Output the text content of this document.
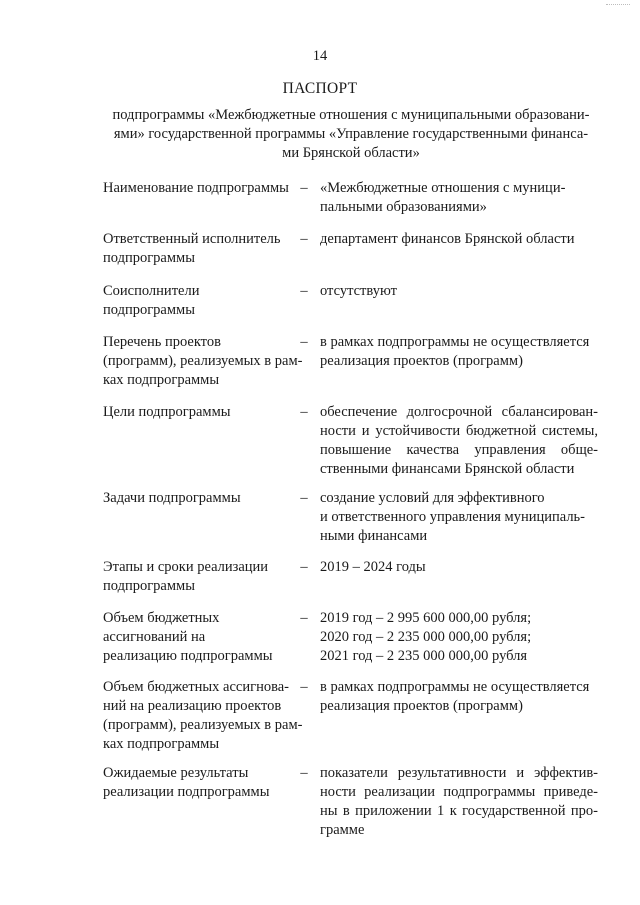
14
ПАСПОРТ
подпрограммы «Межбюджетные отношения с муниципальными образовани-
ями» государственной программы «Управление государственными финанса-
ми Брянской области»
Наименование подпрограммы – «Межбюджетные отношения с муници-
пальными образованиями»
Ответственный исполнитель
подпрограммы
– департамент финансов Брянской области
Соисполнители
подпрограммы
– отсутствуют
Перечень проектов
(программ), реализуемых в рам-
ках подпрограммы
– в рамках подпрограммы не осуществляется
реализация проектов (программ)
Цели подпрограммы	– обеспечение долгосрочной сбалансирован-
ности и устойчивости бюджетной системы,
повышение качества управления обще-
ственными финансами Брянской области
Задачи подпрограммы	– создание условий для эффективного
и ответственного управления муниципаль-
ными финансами
Этапы и сроки реализации
подпрограммы
– 2019 – 2024 годы
Объем бюджетных
ассигнований на
реализацию подпрограммы
– 2019 год – 2 995 600 000,00 рубля;
2020 год – 2 235 000 000,00 рубля;
2021 год – 2 235 000 000,00 рубля
Объем бюджетных ассигнова-
ний на реализацию проектов
(программ), реализуемых в рам-
ках подпрограммы
– в рамках подпрограммы не осуществляется
реализация проектов (программ)
Ожидаемые результаты
реализации подпрограммы
– показатели результативности и эффектив-
ности реализации подпрограммы приведе-
ны в приложении 1 к государственной про-
грамме
